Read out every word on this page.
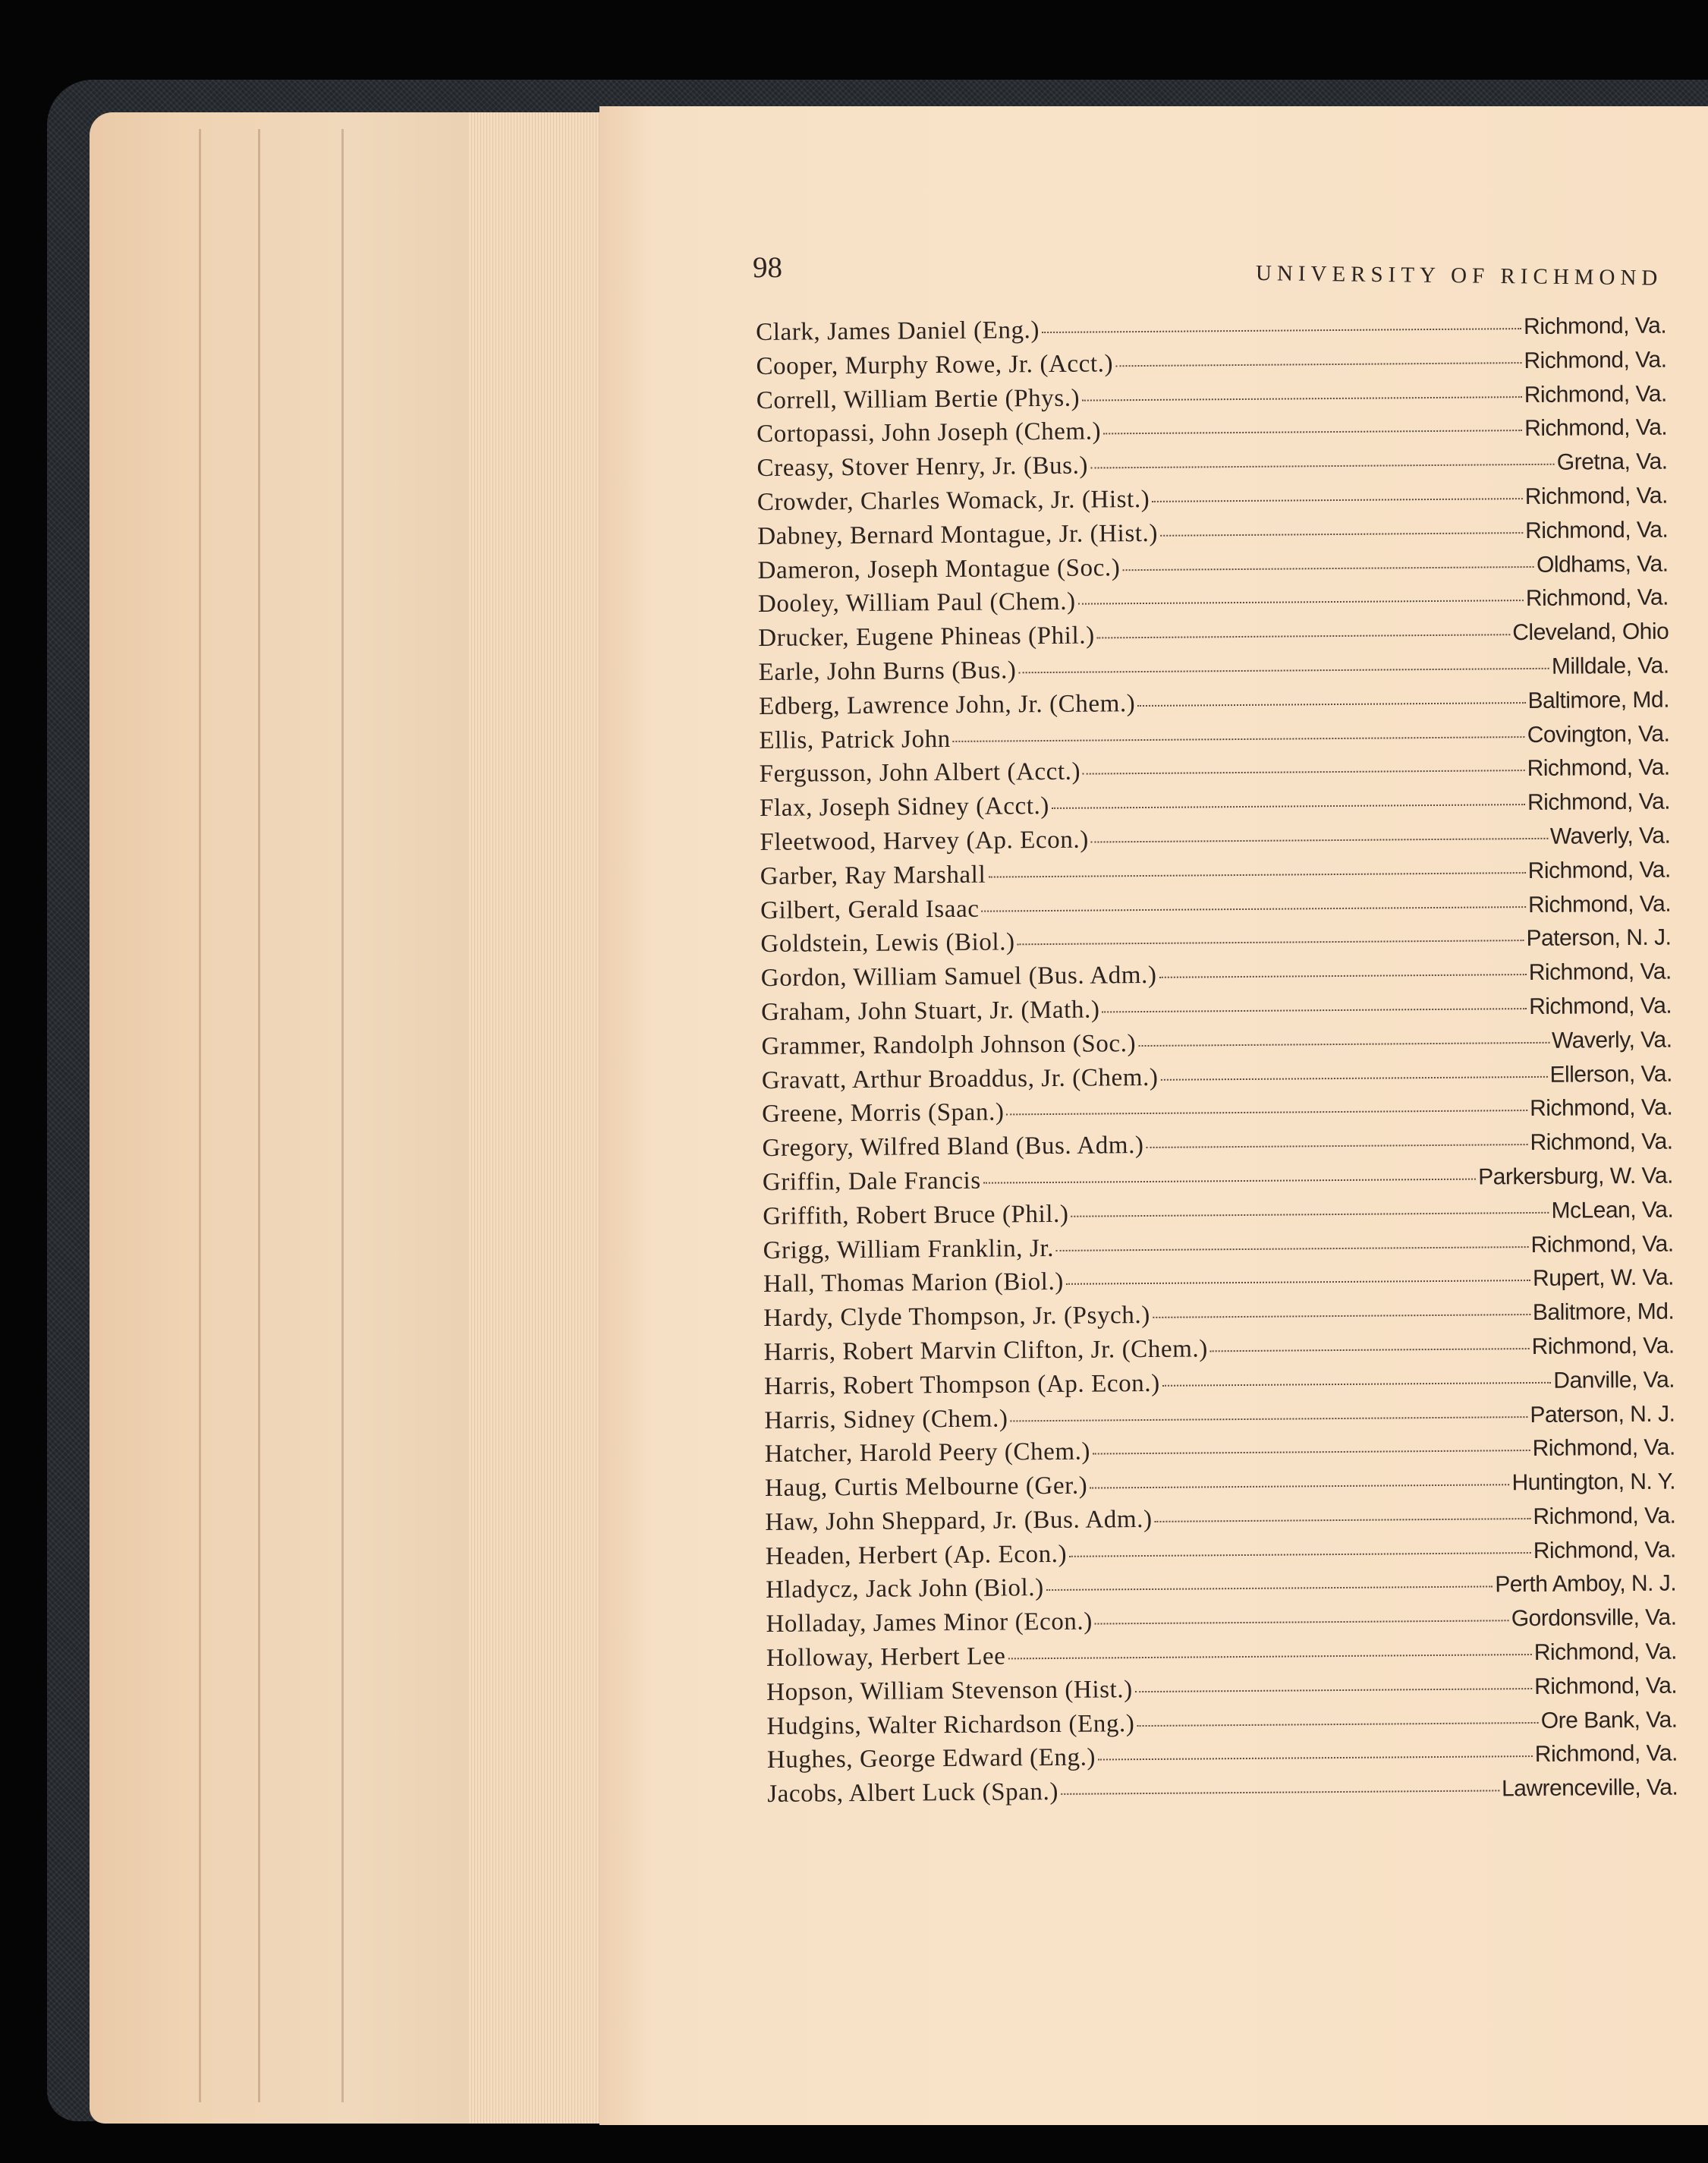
98	UNIVERSITY OF RICHMOND
Clark, James Daniel (Eng.)	Richmond, Va.
Cooper, Murphy Rowe, Jr. (Acct.)	Richmond, Va.
Correll, William Bertie (Phys.)	Richmond, Va.
Cortopassi, John Joseph (Chem.)	Richmond, Va.
Creasy, Stover Henry, Jr. (Bus.)	Gretna, Va.
Crowder, Charles Womack, Jr. (Hist.)	Richmond, Va.
Dabney, Bernard Montague, Jr. (Hist.)	Richmond, Va.
Dameron, Joseph Montague (Soc.)	Oldhams, Va.
Dooley, William Paul (Chem.)	Richmond, Va.
Drucker, Eugene Phineas (Phil.)	Cleveland, Ohio
Earle, John Burns (Bus.)	Milldale, Va.
Edberg, Lawrence John, Jr. (Chem.)	Baltimore, Md.
Ellis, Patrick John	Covington, Va.
Fergusson, John Albert (Acct.)	Richmond, Va.
Flax, Joseph Sidney (Acct.)	Richmond, Va.
Fleetwood, Harvey (Ap. Econ.)	Waverly, Va.
Garber, Ray Marshall	Richmond, Va.
Gilbert, Gerald Isaac	Richmond, Va.
Goldstein, Lewis (Biol.)	Paterson, N. J.
Gordon, William Samuel (Bus. Adm.)	Richmond, Va.
Graham, John Stuart, Jr. (Math.)	Richmond, Va.
Grammer, Randolph Johnson (Soc.)	Waverly, Va.
Gravatt, Arthur Broaddus, Jr. (Chem.)	Ellerson, Va.
Greene, Morris (Span.)	Richmond, Va.
Gregory, Wilfred Bland (Bus. Adm.)	Richmond, Va.
Griffin, Dale Francis	Parkersburg, W. Va.
Griffith, Robert Bruce (Phil.)	McLean, Va.
Grigg, William Franklin, Jr.	Richmond, Va.
Hall, Thomas Marion (Biol.)	Rupert, W. Va.
Hardy, Clyde Thompson, Jr. (Psych.)	Balitmore, Md.
Harris, Robert Marvin Clifton, Jr. (Chem.)	Richmond, Va.
Harris, Robert Thompson (Ap. Econ.)	Danville, Va.
Harris, Sidney (Chem.)	Paterson, N. J.
Hatcher, Harold Peery (Chem.)	Richmond, Va.
Haug, Curtis Melbourne (Ger.)	Huntington, N. Y.
Haw, John Sheppard, Jr. (Bus. Adm.)	Richmond, Va.
Headen, Herbert (Ap. Econ.)	Richmond, Va.
Hladycz, Jack John (Biol.)	Perth Amboy, N. J.
Holladay, James Minor (Econ.)	Gordonsville, Va.
Holloway, Herbert Lee	Richmond, Va.
Hopson, William Stevenson (Hist.)	Richmond, Va.
Hudgins, Walter Richardson (Eng.)	Ore Bank, Va.
Hughes, George Edward (Eng.)	Richmond, Va.
Jacobs, Albert Luck (Span.)	Lawrenceville, Va.
